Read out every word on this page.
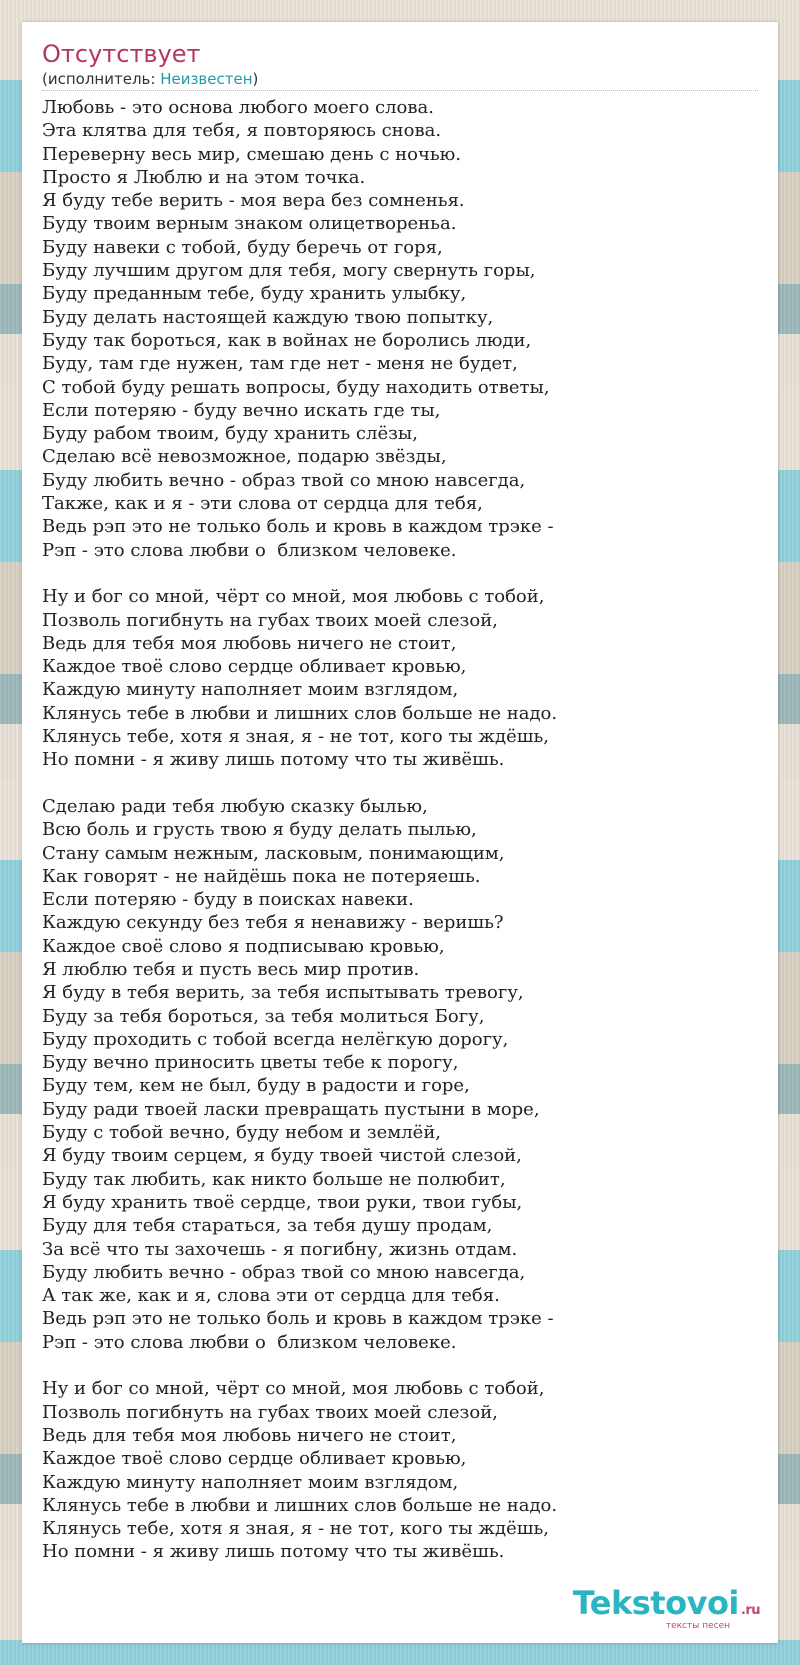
Отсутствует
(исполнитель: Неизвестен)
Любовь - это основа любого моего слова.
Эта клятва для тебя, я повторяюсь снова.
Переверну весь мир, смешаю день с ночью.
Просто я Люблю и на этом точка.
Я буду тебе верить - моя вера без сомненья.
Буду твоим верным знаком олицетвореньа.
Буду навеки с тобой, буду беречь от горя,
Буду лучшим другом для тебя, могу свернуть горы,
Буду преданным тебе, буду хранить улыбку,
Буду делать настоящей каждую твою попытку,
Буду так бороться, как в войнах не боролись люди,
Буду, там где нужен, там где нет - меня не будет,
С тобой буду решать вопросы, буду находить ответы,
Если потеряю - буду вечно искать где ты,
Буду рабом твоим, буду хранить слёзы,
Сделаю всё невозможное, подарю звёзды,
Буду любить вечно - образ твой со мною навсегда,
Также, как и я - эти слова от сердца для тебя,
Ведь рэп это не только боль и кровь в каждом трэке -
Рэп - это слова любви о  близком человеке.
Ну и бог со мной, чёрт со мной, моя любовь с тобой,
Позволь погибнуть на губах твоих моей слезой,
Ведь для тебя моя любовь ничего не стоит,
Каждое твоё слово сердце обливает кровью,
Каждую минуту наполняет моим взглядом,
Клянусь тебе в любви и лишних слов больше не надо.
Клянусь тебе, хотя я зная, я - не тот, кого ты ждёшь,
Но помни - я живу лишь потому что ты живёшь.
Сделаю ради тебя любую сказку былью,
Всю боль и грусть твою я буду делать пылью,
Стану самым нежным, ласковым, понимающим,
Как говорят - не найдёшь пока не потеряешь.
Если потеряю - буду в поисках навеки.
Каждую секунду без тебя я ненавижу - веришь?
Каждое своё слово я подписываю кровью,
Я люблю тебя и пусть весь мир против.
Я буду в тебя верить, за тебя испытывать тревогу,
Буду за тебя бороться, за тебя молиться Богу,
Буду проходить с тобой всегда нелёгкую дорогу,
Буду вечно приносить цветы тебе к порогу,
Буду тем, кем не был, буду в радости и горе,
Буду ради твоей ласки превращать пустыни в море,
Буду с тобой вечно, буду небом и землёй,
Я буду твоим серцем, я буду твоей чистой слезой,
Буду так любить, как никто больше не полюбит,
Я буду хранить твоё сердце, твои руки, твои губы,
Буду для тебя стараться, за тебя душу продам,
За всё что ты захочешь - я погибну, жизнь отдам.
Буду любить вечно - образ твой со мною навсегда,
А так же, как и я, слова эти от сердца для тебя.
Ведь рэп это не только боль и кровь в каждом трэке -
Рэп - это слова любви о  близком человеке.
Ну и бог со мной, чёрт со мной, моя любовь с тобой,
Позволь погибнуть на губах твоих моей слезой,
Ведь для тебя моя любовь ничего не стоит,
Каждое твоё слово сердце обливает кровью,
Каждую минуту наполняет моим взглядом,
Клянусь тебе в любви и лишних слов больше не надо.
Клянусь тебе, хотя я зная, я - не тот, кого ты ждёшь,
Но помни - я живу лишь потому что ты живёшь.
Tekstovoi .ru
тексты песен
